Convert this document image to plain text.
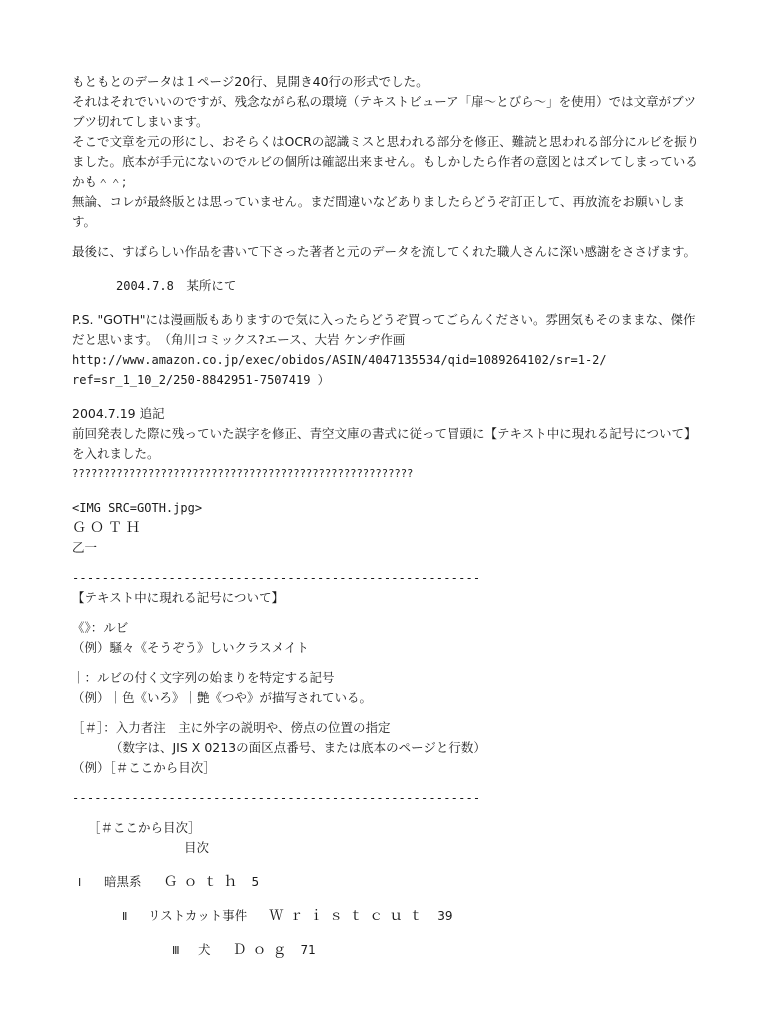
もともとのデータは１ページ20行、見開き40行の形式でした。
それはそれでいいのですが、残念ながら私の環境（テキストビューア「扉〜とびら〜」を使用）では文章がブツブツ切れてしまいます。
そこで文章を元の形にし、おそらくはOCRの認識ミスと思われる部分を修正、難読と思われる部分にルビを振りました。底本が手元にないのでルビの個所は確認出来ません。もしかしたら作者の意図とはズレてしまっているかも＾＾;
無論、コレが最終版とは思っていません。まだ間違いなどありましたらどうぞ訂正して、再放流をお願いします。
最後に、すばらしい作品を書いて下さった著者と元のデータを流してくれた職人さんに深い感謝をささげます。
2004.7.8　 某所にて
P.S. "GOTH"には漫画版もありますので気に入ったらどうぞ買ってごらんください。雰囲気もそのままな、傑作だと思います。　（角川コミックス?エース、大岩 ケンヂ作画
http://www.amazon.co.jp/exec/obidos/ASIN/4047135534/qid=1089264102/sr=1-2/
ref=sr_1_10_2/250-8842951-7507419 ）
2004.7.19 追記
前回発表した際に残っていた誤字を修正、青空文庫の書式に従って冒頭に【テキスト中に現れる記号について】を入れました。
??????????????????????????????????????????????????????
<IMG SRC=GOTH.jpg>
ＧＯＴＨ
乙一
-------------------------------------------------------
【テキスト中に現れる記号について】
《》：ルビ
（例）騒々《そうぞう》しいクラスメイト
｜：ルビの付く文字列の始まりを特定する記号
（例）｜色《いろ》｜艶《つや》が描写されている。
［＃］：入力者注　主に外字の説明や、傍点の位置の指定
（数字は、JIS X 0213の面区点番号、または底本のページと行数）
（例）［＃ここから目次］
-------------------------------------------------------
［＃ここから目次］
目次
Ⅰ	暗黒系 Ｇｏｔｈ 5
Ⅱ	リストカット事件 Ｗｒｉｓｔｃｕｔ 39
Ⅲ	犬 Ｄｏｇ 71
